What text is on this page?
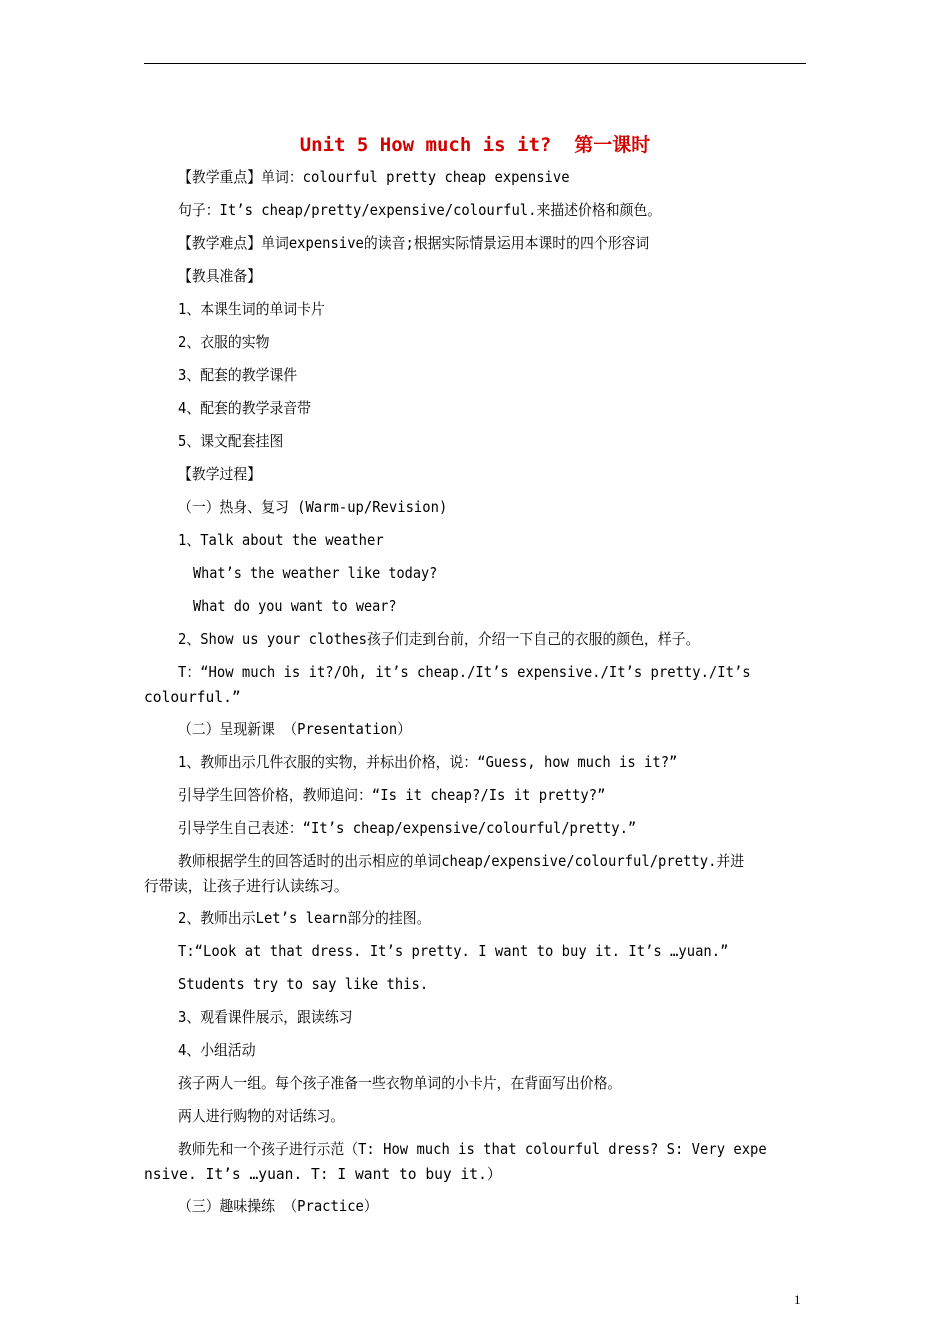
Unit 5 How much is it?  第一课时
【教学重点】单词：colourful pretty cheap expensive
句子：It’s cheap/pretty/expensive/colourful.来描述价格和颜色。
【教学难点】单词expensive的读音;根据实际情景运用本课时的四个形容词
【教具准备】
1、本课生词的单词卡片
2、衣服的实物
3、配套的教学课件
4、配套的教学录音带
5、课文配套挂图
【教学过程】
（一）热身、复习 (Warm-up/Revision)
1、Talk about the weather
What’s the weather like today?
What do you want to wear?
2、Show us your clothes孩子们走到台前，介绍一下自己的衣服的颜色，样子。
T：“How much is it?/Oh, it’s cheap./It’s expensive./It’s pretty./It’s
colourful.”
（二）呈现新课 （Presentation）
1、教师出示几件衣服的实物，并标出价格，说：“Guess, how much is it?”
引导学生回答价格，教师追问：“Is it cheap?/Is it pretty?”
引导学生自己表述：“It’s cheap/expensive/colourful/pretty.”
教师根据学生的回答适时的出示相应的单词cheap/expensive/colourful/pretty.并进
行带读，让孩子进行认读练习。
2、教师出示Let’s learn部分的挂图。
T:“Look at that dress. It’s pretty. I want to buy it. It’s …yuan.”
Students try to say like this.
3、观看课件展示，跟读练习
4、小组活动
孩子两人一组。每个孩子准备一些衣物单词的小卡片，在背面写出价格。
两人进行购物的对话练习。
教师先和一个孩子进行示范（T: How much is that colourful dress? S: Very expe
nsive. It’s …yuan. T: I want to buy it.）
（三）趣味操练 （Practice）
1
